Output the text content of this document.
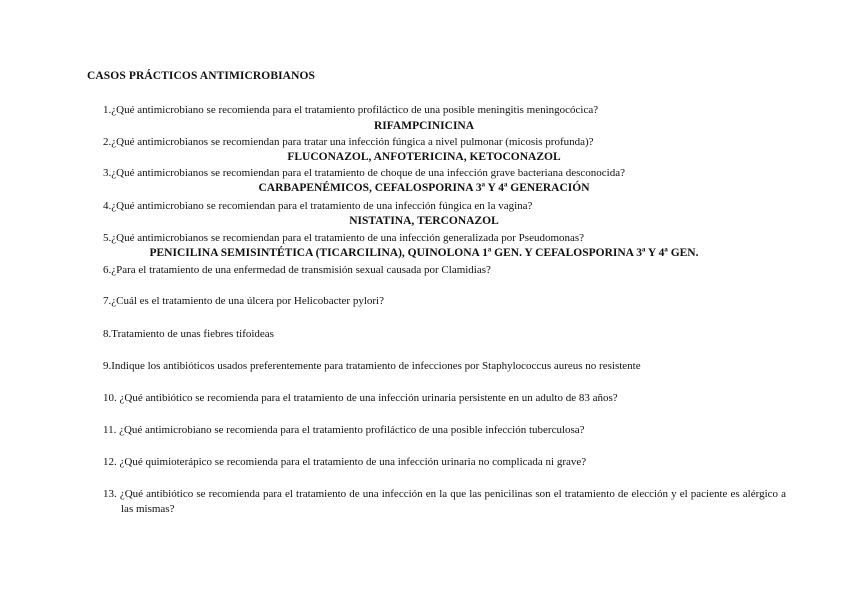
CASOS PRÁCTICOS ANTIMICROBIANOS
1.¿Qué antimicrobiano se recomienda para el tratamiento profiláctico de una posible meningitis meningocócica?
RIFAMPCINICINA
2.¿Qué antimicrobianos se recomiendan para tratar una infección fúngica a nivel pulmonar (micosis profunda)?
FLUCONAZOL, ANFOTERICINA, KETOCONAZOL
3.¿Qué antimicrobianos se recomiendan para el tratamiento de choque de una infección grave bacteriana desconocida?
CARBAPENÉMICOS, CEFALOSPORINA 3ª Y 4ª GENERACIÓN
4.¿Qué antimicrobiano se recomiendan para el tratamiento de una infección fúngica en la vagina?
NISTATINA, TERCONAZOL
5.¿Qué antimicrobianos se recomiendan para el tratamiento de una infección generalizada por Pseudomonas?
PENICILINA SEMISINTÉTICA (TICARCILINA), QUINOLONA 1ª GEN. Y CEFALOSPORINA 3ª Y 4ª GEN.
6.¿Para el tratamiento de una enfermedad de transmisión sexual causada por Clamidias?
7.¿Cuál es el tratamiento de una úlcera por Helicobacter pylori?
8.Tratamiento de unas fiebres tifoideas
9.Indique los antibióticos usados preferentemente para tratamiento de infecciones por Staphylococcus aureus no resistente
10. ¿Qué antibiótico se recomienda para el tratamiento de una infección urinaria persistente en un adulto de 83 años?
11. ¿Qué antimicrobiano se recomienda para el tratamiento profiláctico de una posible infección tuberculosa?
12. ¿Qué quimioterápico se recomienda para el tratamiento de una infección urinaria no complicada ni grave?
13. ¿Qué antibiótico se recomienda para el tratamiento de una infección en la que las penicilinas son el tratamiento de elección y el paciente es alérgico a las mismas?
